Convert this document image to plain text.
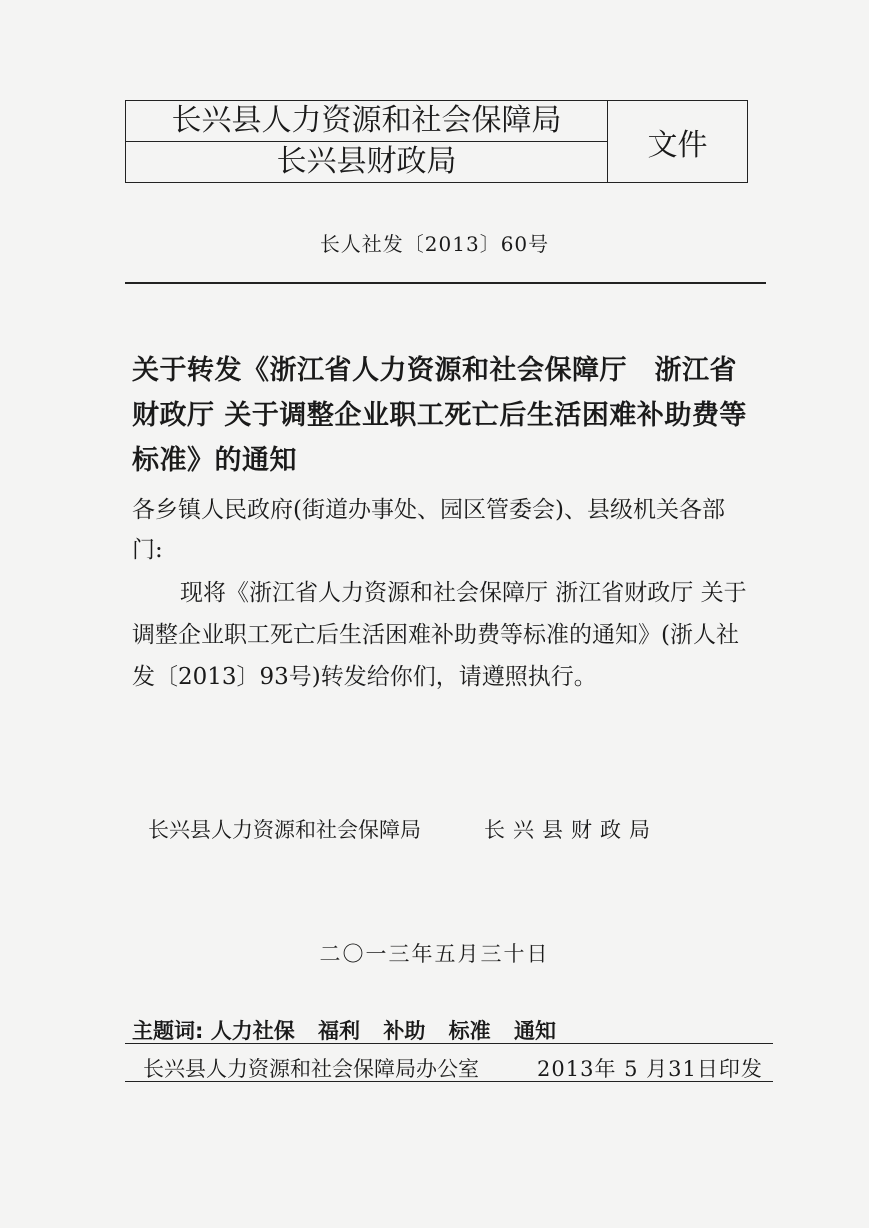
长兴县人力资源和社会保障局	文件
长兴县财政局
长人社发〔2013〕60号
关于转发《浙江省人力资源和社会保障厅　浙江省财政厅 关于调整企业职工死亡后生活困难补助费等标准》的通知
各乡镇人民政府(街道办事处、园区管委会)、县级机关各部门:
现将《浙江省人力资源和社会保障厅 浙江省财政厅 关于调整企业职工死亡后生活困难补助费等标准的通知》(浙人社发〔2013〕93号)转发给你们，请遵照执行。
长兴县人力资源和社会保障局	长兴县财政局
二〇一三年五月三十日
主题词: 人力社保 福利 补助 标准 通知
长兴县人力资源和社会保障局办公室	2013年 5 月31日印发
